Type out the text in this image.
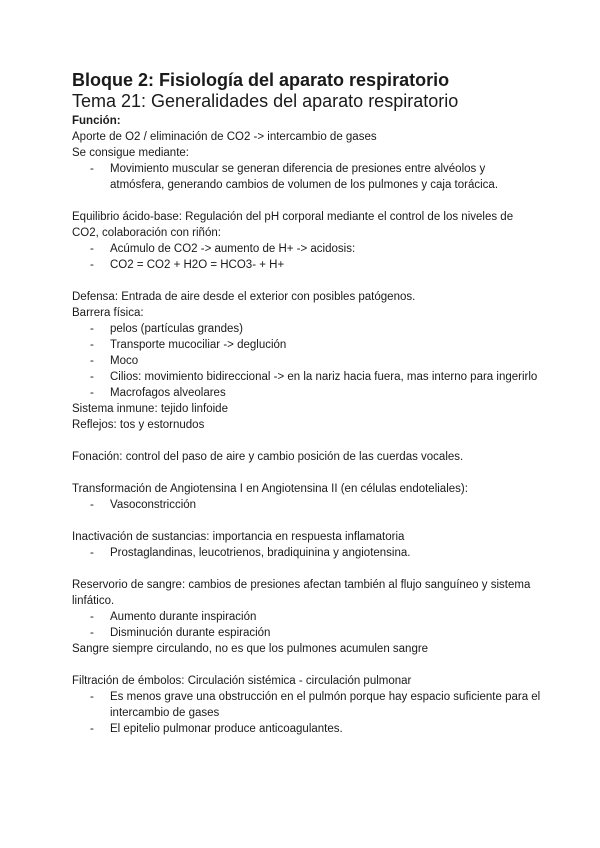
Bloque 2: Fisiología del aparato respiratorio
Tema 21: Generalidades del aparato respiratorio
Función:
Aporte de O2 / eliminación de CO2 -> intercambio de gases
Se consigue mediante:
- Movimiento muscular se generan diferencia de presiones entre alvéolos y atmósfera, generando cambios de volumen de los pulmones y caja torácica.
Equilibrio ácido-base: Regulación del pH corporal mediante el control de los niveles de CO2, colaboración con riñón:
- Acúmulo de CO2 -> aumento de H+ -> acidosis:
- CO2 = CO2 + H2O = HCO3- + H+
Defensa: Entrada de aire desde el exterior con posibles patógenos.
Barrera física:
- pelos (partículas grandes)
- Transporte mucociliar -> deglución
- Moco
- Cilios: movimiento bidireccional -> en la nariz hacia fuera, mas interno para ingerirlo
- Macrofagos alveolares
Sistema inmune: tejido linfoide
Reflejos: tos y estornudos
Fonación: control del paso de aire y cambio posición de las cuerdas vocales.
Transformación de Angiotensina I en Angiotensina II (en células endoteliales):
- Vasoconstricción
Inactivación de sustancias: importancia en respuesta inflamatoria
- Prostaglandinas, leucotrienos, bradiquinina y angiotensina.
Reservorio de sangre: cambios de presiones afectan también al flujo sanguíneo y sistema linfático.
- Aumento durante inspiración
- Disminución durante espiración
Sangre siempre circulando, no es que los pulmones acumulen sangre
Filtración de émbolos: Circulación sistémica - circulación pulmonar
- Es menos grave una obstrucción en el pulmón porque hay espacio suficiente para el intercambio de gases
- El epitelio pulmonar produce anticoagulantes.
